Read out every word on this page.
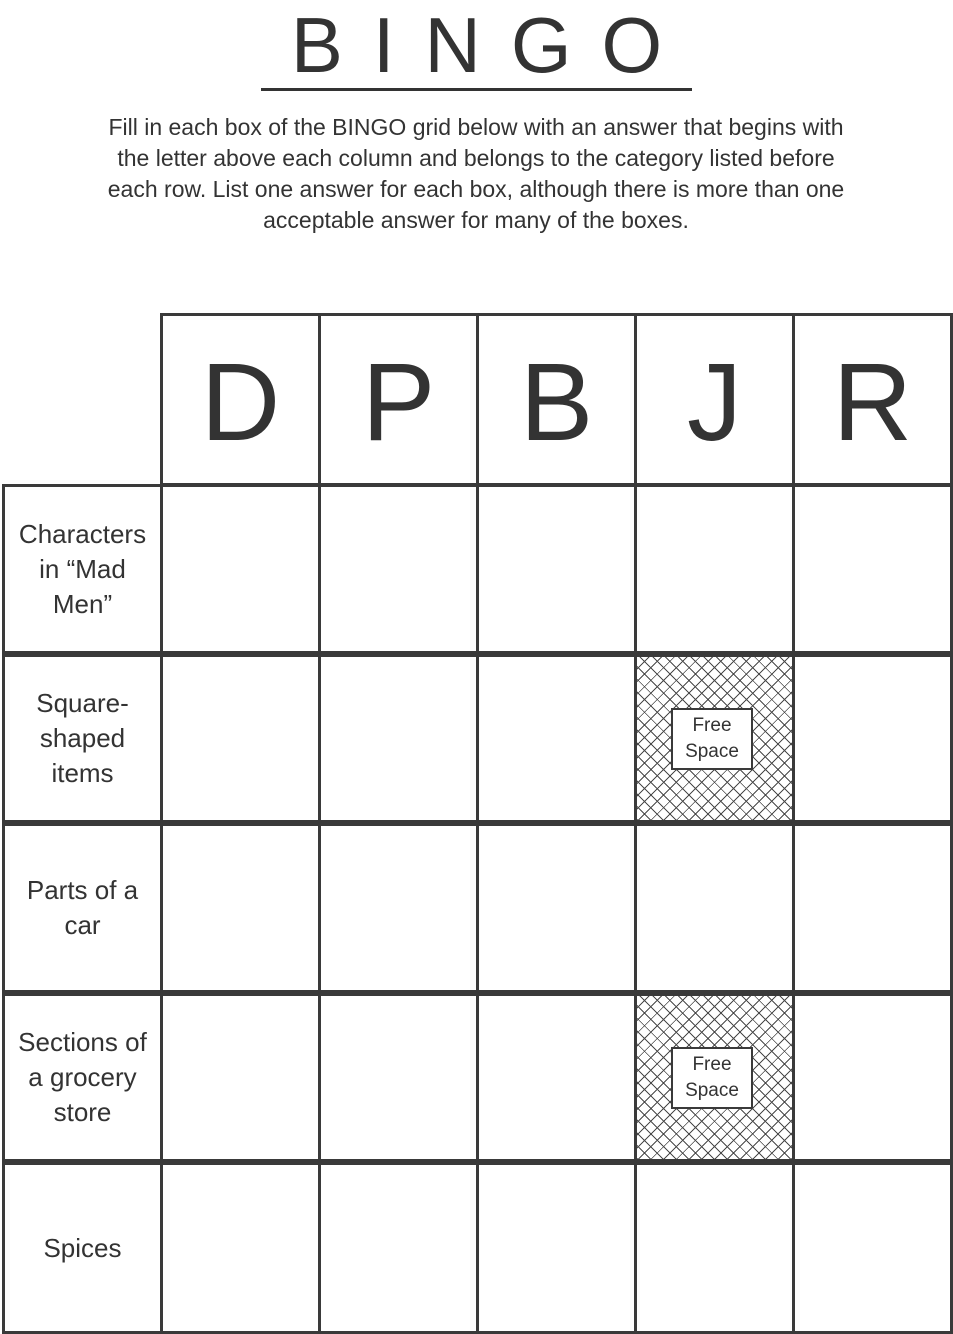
BINGO
Fill in each box of the BINGO grid below with an answer that begins with the letter above each column and belongs to the category listed before each row. List one answer for each box, although there is more than one acceptable answer for many of the boxes.
D P B J R
Characters in “Mad Men”
Square-shaped items
Free Space
Parts of a car
Sections of a grocery store
Free Space
Spices
